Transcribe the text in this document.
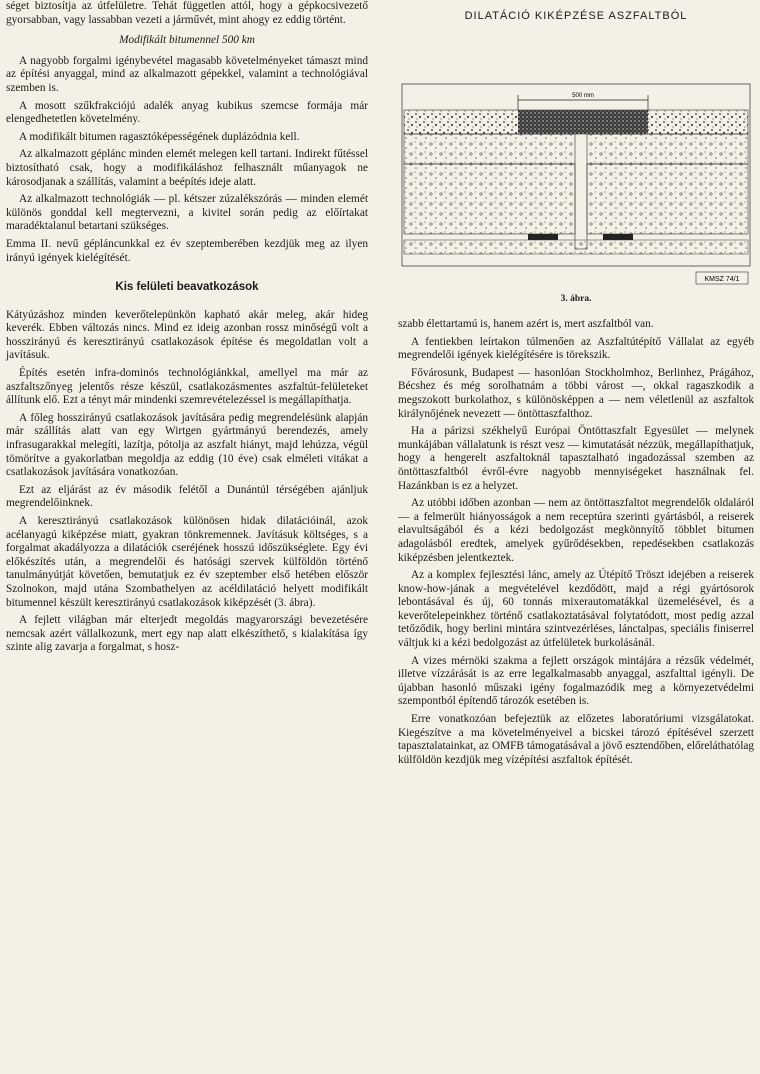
séget biztosítja az útfelületre. Tehát független attól, hogy a gépkocsivezető gyorsabban, vagy lassabban vezeti a járművét, mint ahogy ez eddig történt.

Modifikált bitumennel 500 km

A nagyobb forgalmi igénybevétel magasabb követelményeket támaszt mind az építési anyaggal, mind az alkalmazott gépekkel, valamint a technológiával szemben is.

A mosott szűkfrakciójú adalék anyag kubikus szemcse formája már elengedhetetlen követelmény.

A modifikált bitumen ragasztóképességének duplázódnia kell.

Az alkalmazott géplánc minden elemét melegen kell tartani. Indirekt fűtéssel biztosítható csak, hogy a modifikáláshoz felhasznált műanyagok ne károsodjanak a szállítás, valamint a beépítés ideje alatt.

Az alkalmazott technológiák — pl. kétszer zúzalékszórás — minden elemét különös gonddal kell megtervezni, a kivitel során pedig az előírtakat maradéktalanul betartani szükséges.

Emma II. nevű gépláncunkkal ez év szeptemberében kezdjük meg az ilyen irányú igények kielégítését.

Kis felületi beavatkozások

Kátyúzáshoz minden keverőtelepünkön kapható akár meleg, akár hideg keverék. Ebben változás nincs. Mind ez ideig azonban rossz minőségű volt a hosszirányú és keresztirányú csatlakozások építése és megoldatlan volt a javításuk.

Építés esetén infra-dominós technológiánkkal, amellyel ma már az aszfaltszőnyeg jelentős része készül, csatlakozásmentes aszfaltút-felületeket állítunk elő. Ezt a tényt már mindenki szemrevételezéssel is megállapíthatja.

A főleg hosszirányú csatlakozások javítására pedig megrendelésünk alapján már szállítás alatt van egy Wirtgen gyártmányú berendezés, amely infrasugarakkal melegíti, lazítja, pótolja az aszfalt hiányt, majd lehúzza, végül tömörítve a gyakorlatban megoldja az eddig (10 éve) csak elméleti vitákat a csatlakozások javítására vonatkozóan.

Ezt az eljárást az év második felétől a Dunántúl térségében ajánljuk megrendelőinknek.

A keresztirányú csatlakozások különösen hidak dilatációinál, azok acélanyagú kiképzése miatt, gyakran tönkremennek. Javításuk költséges, s a forgalmat akadályozza a dilatációk cseréjének hosszú időszükséglete. Egy évi előkészítés után, a megrendelői és hatósági szervek külföldön történő tanulmányútját követően, bemutatjuk ez év szeptember első hetében először Szolnokon, majd utána Szombathelyen az acéldilatáció helyett modifikált bitumennel készült keresztirányú csatlakozások kiképzését (3. ábra).

A fejlett világban már elterjedt megoldás magyarországi bevezetésére nemcsak azért vállalkozunk, mert egy nap alatt elkészíthető, s kialakítása így szinte alig zavarja a forgalmat, s hosz-

DILATÁCIÓ KIKÉPZÉSE ASZFALTBÓL
500 mm
KMSZ 74/1
3. ábra.

szabb élettartamú is, hanem azért is, mert aszfaltból van.

A fentiekben leírtakon túlmenően az Aszfaltútépítő Vállalat az egyéb megrendelői igények kielégítésére is törekszik.

Fővárosunk, Budapest — hasonlóan Stockholmhoz, Berlinhez, Prágához, Bécshez és még sorolhatnám a többi várost —, okkal ragaszkodik a megszokott burkolathoz, s különösképpen a — nem véletlenül az aszfaltok királynőjének nevezett — öntöttaszfalthoz.

Ha a párizsi székhelyű Európai Öntöttaszfalt Egyesület — melynek munkájában vállalatunk is részt vesz — kimutatását nézzük, megállapíthatjuk, hogy a hengerelt aszfaltoknál tapasztalható ingadozással szemben az öntöttaszfaltból évről-évre nagyobb mennyiségeket használnak fel. Hazánkban is ez a helyzet.

Az utóbbi időben azonban — nem az öntöttaszfaltot megrendelők oldaláról — a felmerült hiányosságok a nem receptúra szerinti gyártásból, a reiserek elavultságából és a kézi bedolgozást megkönnyítő többlet bitumen adagolásból eredtek, amelyek gyűrődésekben, repedésekben csatlakozás kiképzésben jelentkeztek.

Az a komplex fejlesztési lánc, amely az Útépítő Tröszt idejében a reiserek know-how-jának a megvételével kezdődött, majd a régi gyártósorok lebontásával és új, 60 tonnás mixerautomatákkal üzemelésével, és a keverőtelepeinkhez történő csatlakoztatásával folytatódott, most pedig azzal tetőződik, hogy berlini mintára szintvezérléses, lánctalpas, speciális finiserrel váltjuk ki a kézi bedolgozást az útfelületek burkolásánál.

A vizes mérnöki szakma a fejlett országok mintájára a rézsűk védelmét, illetve vízzárását is az erre legalkalmasabb anyaggal, aszfalttal igényli. De újabban hasonló műszaki igény fogalmazódik meg a környezetvédelmi szempontból építendő tározók esetében is.

Erre vonatkozóan befejeztük az előzetes laboratóriumi vizsgálatokat. Kiegészítve a ma követelményeivel a bicskei tározó építésével szerzett tapasztalatainkat, az OMFB támogatásával a jövő esztendőben, előreláthatólag külföldön kezdjük meg vízépítési aszfaltok építését.
